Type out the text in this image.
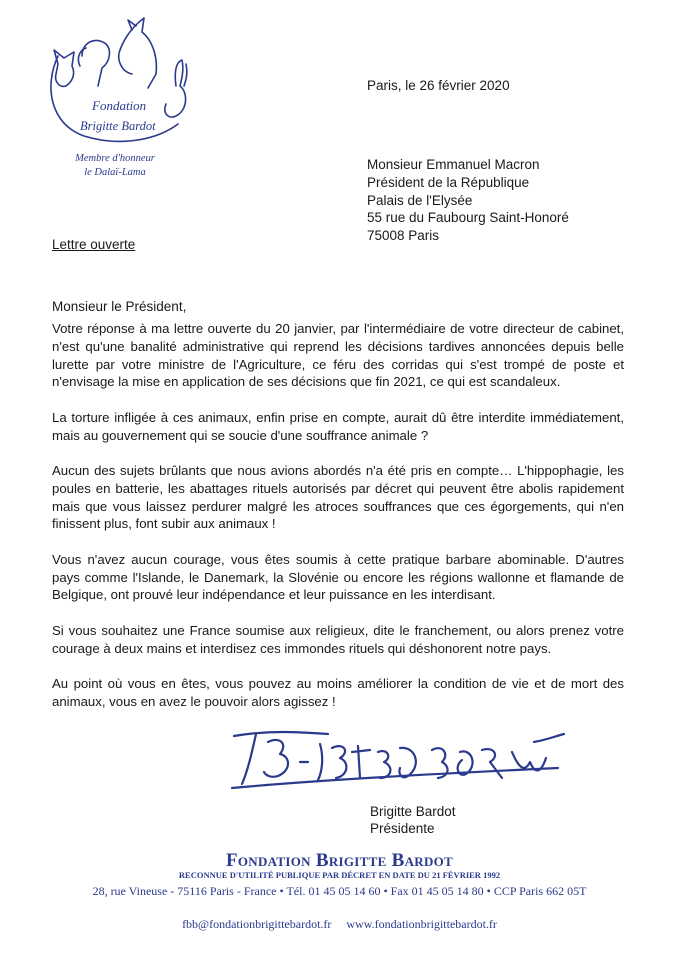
Fondation
Brigitte Bardot
Membre d'honneur
le Dalaï-Lama
Paris, le 26 février 2020
Monsieur Emmanuel Macron
Président de la République
Palais de l'Elysée
55 rue du Faubourg Saint-Honoré
75008 Paris
Lettre ouverte
Monsieur le Président,

Votre réponse à ma lettre ouverte du 20 janvier, par l'intermédiaire de votre directeur de cabinet, n'est qu'une banalité administrative qui reprend les décisions tardives annoncées depuis belle lurette par votre ministre de l'Agriculture, ce féru des corridas qui s'est trompé de poste et n'envisage la mise en application de ses décisions que fin 2021, ce qui est scandaleux.

La torture infligée à ces animaux, enfin prise en compte, aurait dû être interdite immédiatement, mais au gouvernement qui se soucie d'une souffrance animale ?

Aucun des sujets brûlants que nous avions abordés n'a été pris en compte… L'hippophagie, les poules en batterie, les abattages rituels autorisés par décret qui peuvent être abolis rapidement mais que vous laissez perdurer malgré les atroces souffrances que ces égorgements, qui n'en finissent plus, font subir aux animaux !

Vous n'avez aucun courage, vous êtes soumis à cette pratique barbare abominable. D'autres pays comme l'Islande, le Danemark, la Slovénie ou encore les régions wallonne et flamande de Belgique, ont prouvé leur indépendance et leur puissance en les interdisant.

Si vous souhaitez une France soumise aux religieux, dite le franchement, ou alors prenez votre courage à deux mains et interdisez ces immondes rituels qui déshonorent notre pays.

Au point où vous en êtes, vous pouvez au moins améliorer la condition de vie et de mort des animaux, vous en avez le pouvoir alors agissez !

Brigitte Bardot
Présidente
Fondation Brigitte Bardot
RECONNUE D'UTILITÉ PUBLIQUE PAR DÉCRET EN DATE DU 21 FÉVRIER 1992
28, rue Vineuse - 75116 Paris - France • Tél. 01 45 05 14 60 • Fax 01 45 05 14 80 • CCP Paris 662 05T
fbb@fondationbrigittebardot.fr www.fondationbrigittebardot.fr
